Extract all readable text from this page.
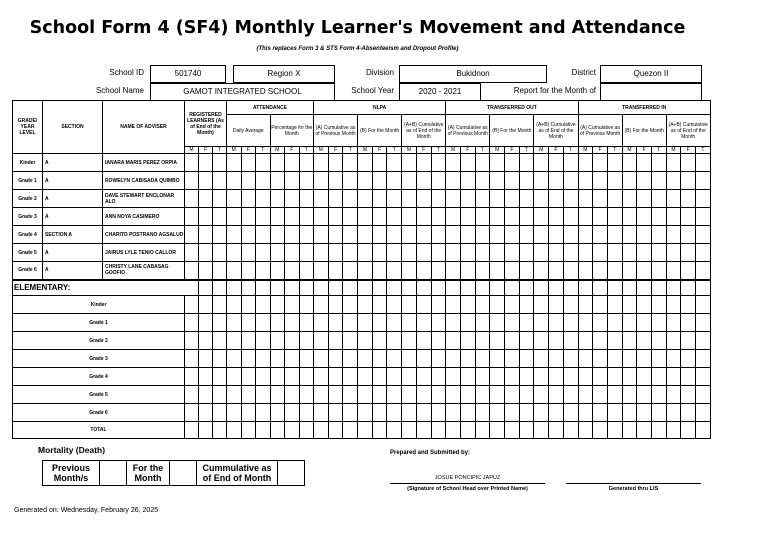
School Form 4 (SF4) Monthly Learner's Movement and Attendance
(This replaces Form 3 & STS Form 4-Absenteeism and Dropout Profile)
School ID	501740	Region X	Division	Bukidnon	District	Quezon II
School Name	GAMOT INTEGRATED SCHOOL	School Year	2020 - 2021	Report for the Month of
GRADE/ YEAR LEVEL	SECTION	NAME OF ADVISER	REGISTERED LEARNERS (As of End of the Month)			ATTENDANCE						NLPA									TRANSFERRED OUT									TRANSFERRED IN								
						Daily Average			Percentage for the Month			(A) Cumulative as of Previous Month			(B) For the Month			(A+B) Cumulative as of End of the Month			(A) Cumulative as of Previous Month			(B) For the Month			(A+B) Cumulative as of End of the Month			(A) Cumulative as of Previous Month			(B) For the Month			(A+B) Cumulative as of End of the Month		
			M	F	T	M	F	T	M	F	T	M	F	T	M	F	T	M	F	T	M	F	T	M	F	T	M	F	T	M	F	T	M	F	T	M	F	T
Kinder	A	IANARA MARIS PEREZ ORPIA																																				
Grade 1	A	ROWELYN CABISADA QUIMBO																																				
Grade 2	A	DAVE STEWART ENCLONAR ALO																																				
Grade 3	A	ANN NOYA CASIMERO																																				
Grade 4	SECTION A	CHARITO POSTRANO AGSALUD																																				
Grade 5	A	JAIRUS LYLE TENIO CALLOR																																				
Grade 6	A	CHRISTY LANE CABASAG GOOFIO																																				
ELEMENTARY:																																						
Kinder																																						
Grade 1																																						
Grade 2																																						
Grade 3																																						
Grade 4																																						
Grade 5																																						
Grade 6																																						
TOTAL																																						
Mortality (Death)
Previous Month/s		For the Month		Cummulative as of End of Month	
Prepared and Submitted by:
JOSUE PONCIPIC JAPUZ
(Signature of School Head over Printed Name)	Generated thru LIS
Generated on: Wednesday, February 26, 2025
